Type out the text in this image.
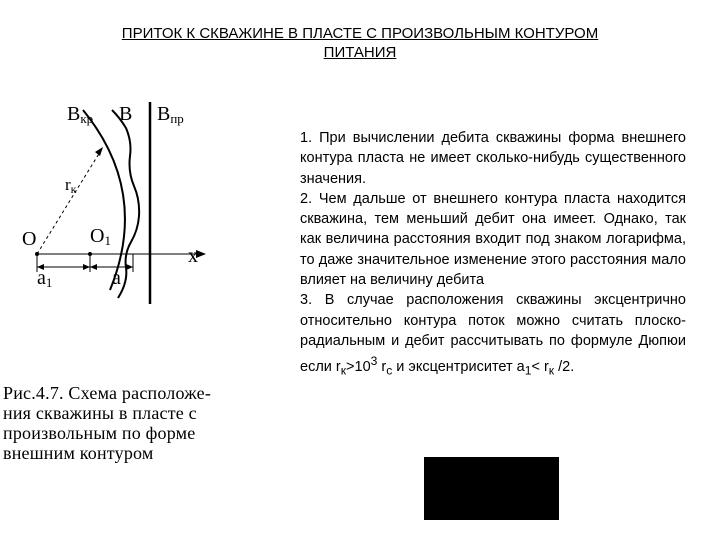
ПРИТОК К СКВАЖИНЕ В ПЛАСТЕ С ПРОИЗВОЛЬНЫМ КОНТУРОМ
ПИТАНИЯ
Bкр B Bпр
rк
O	O1
x
a1	a
Рис.4.7. Схема расположе-
ния скважины в пласте с
произвольным по форме
внешним контуром

1. При вычислении дебита скважины форма внешнего контура пласта не имеет сколько-нибудь существенного значения.

2. Чем дальше от внешнего контура пласта находится скважина, тем меньший дебит она имеет. Однако, так как величина расстояния входит под знаком логарифма, то даже значительное изменение этого расстояния мало влияет на величину дебита

3. В случае расположения скважины эксцентрично относительно контура поток можно считать плоско-радиальным и дебит рассчитывать по формуле Дюпюи если $r_к>10^3$ $r_с$ и эксцентриситет $a_1< r_к$ /2.
